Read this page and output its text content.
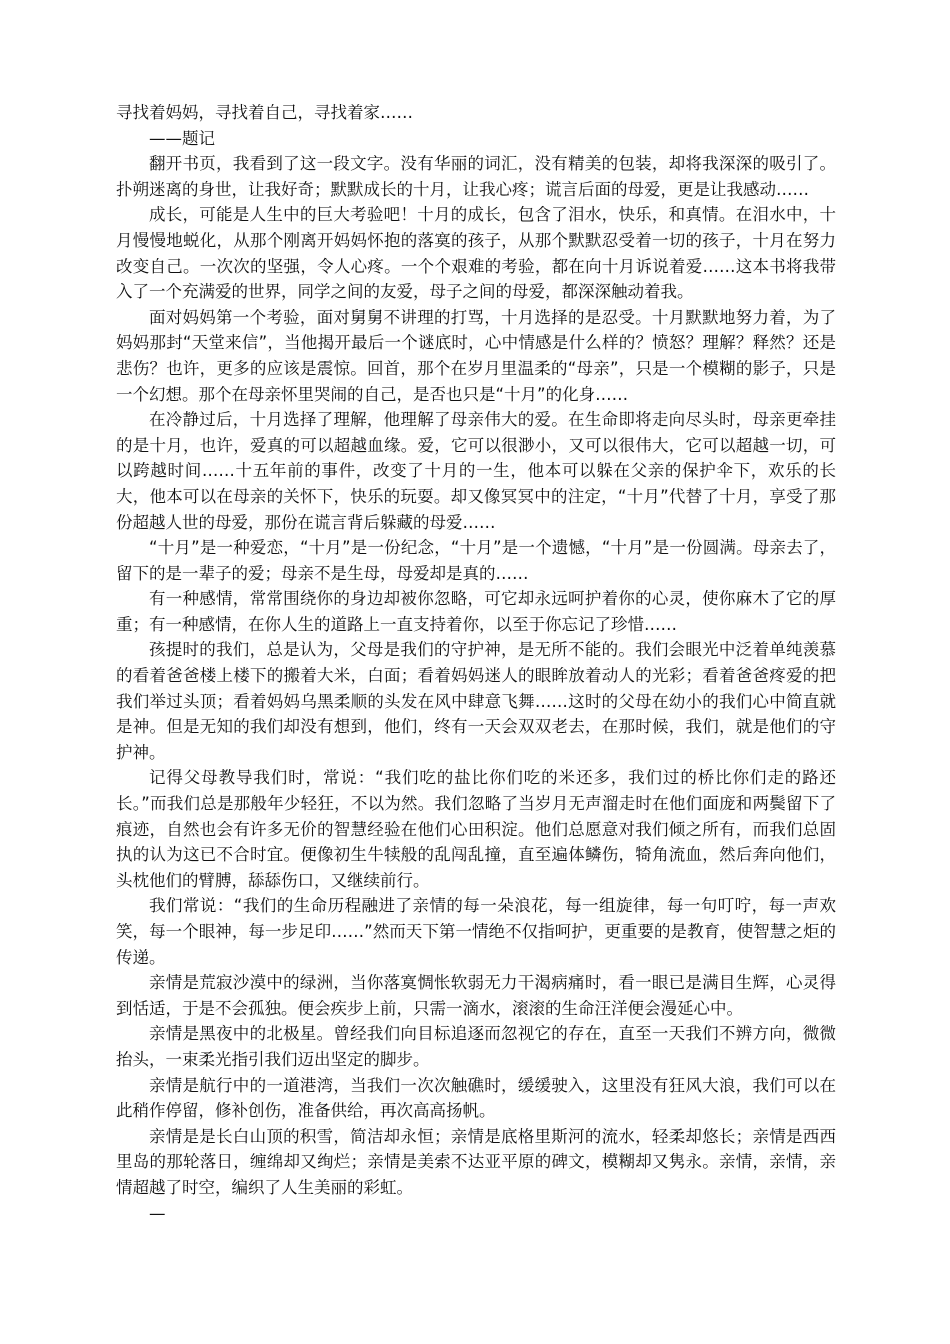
寻找着妈妈，寻找着自己，寻找着家……

——题记

翻开书页，我看到了这一段文字。没有华丽的词汇，没有精美的包装，却将我深深的吸引了。扑朔迷离的身世，让我好奇；默默成长的十月，让我心疼；谎言后面的母爱，更是让我感动……

成长，可能是人生中的巨大考验吧！十月的成长，包含了泪水，快乐，和真情。在泪水中，十月慢慢地蜕化，从那个刚离开妈妈怀抱的落寞的孩子，从那个默默忍受着一切的孩子，十月在努力改变自己。一次次的坚强，令人心疼。一个个艰难的考验，都在向十月诉说着爱……这本书将我带入了一个充满爱的世界，同学之间的友爱，母子之间的母爱，都深深触动着我。

面对妈妈第一个考验，面对舅舅不讲理的打骂，十月选择的是忍受。十月默默地努力着，为了妈妈那封“天堂来信”，当他揭开最后一个谜底时，心中情感是什么样的？愤怒？理解？释然？还是悲伤？也许，更多的应该是震惊。回首，那个在岁月里温柔的“母亲”，只是一个模糊的影子，只是一个幻想。那个在母亲怀里哭闹的自己，是否也只是“十月”的化身……

在冷静过后，十月选择了理解，他理解了母亲伟大的爱。在生命即将走向尽头时，母亲更牵挂的是十月，也许，爱真的可以超越血缘。爱，它可以很渺小，又可以很伟大，它可以超越一切，可以跨越时间……十五年前的事件，改变了十月的一生，他本可以躲在父亲的保护伞下，欢乐的长大，他本可以在母亲的关怀下，快乐的玩耍。却又像冥冥中的注定，“十月”代替了十月，享受了那份超越人世的母爱，那份在谎言背后躲藏的母爱……

“十月”是一种爱恋，“十月”是一份纪念，“十月”是一个遗憾，“十月”是一份圆满。母亲去了，留下的是一辈子的爱；母亲不是生母，母爱却是真的……

有一种感情，常常围绕你的身边却被你忽略，可它却永远呵护着你的心灵，使你麻木了它的厚重；有一种感情，在你人生的道路上一直支持着你，以至于你忘记了珍惜……

孩提时的我们，总是认为，父母是我们的守护神，是无所不能的。我们会眼光中泛着单纯羡慕的看着爸爸楼上楼下的搬着大米，白面；看着妈妈迷人的眼眸放着动人的光彩；看着爸爸疼爱的把我们举过头顶；看着妈妈乌黑柔顺的头发在风中肆意飞舞……这时的父母在幼小的我们心中简直就是神。但是无知的我们却没有想到，他们，终有一天会双双老去，在那时候，我们，就是他们的守护神。

记得父母教导我们时，常说：“我们吃的盐比你们吃的米还多，我们过的桥比你们走的路还长。”而我们总是那般年少轻狂，不以为然。我们忽略了当岁月无声溜走时在他们面庞和两鬓留下了痕迹，自然也会有许多无价的智慧经验在他们心田积淀。他们总愿意对我们倾之所有，而我们总固执的认为这已不合时宜。便像初生牛犊般的乱闯乱撞，直至遍体鳞伤，犄角流血，然后奔向他们，头枕他们的臂膊，舔舔伤口，又继续前行。

我们常说：“我们的生命历程融进了亲情的每一朵浪花，每一组旋律，每一句叮咛，每一声欢笑，每一个眼神，每一步足印……”然而天下第一情绝不仅指呵护，更重要的是教育，使智慧之炬的传递。

亲情是荒寂沙漠中的绿洲，当你落寞惆怅软弱无力干渴病痛时，看一眼已是满目生辉，心灵得到恬适，于是不会孤独。便会疾步上前，只需一滴水，滚滚的生命汪洋便会漫延心中。

亲情是黑夜中的北极星。曾经我们向目标追逐而忽视它的存在，直至一天我们不辨方向，微微抬头，一束柔光指引我们迈出坚定的脚步。

亲情是航行中的一道港湾，当我们一次次触礁时，缓缓驶入，这里没有狂风大浪，我们可以在此稍作停留，修补创伤，准备供给，再次高高扬帆。

亲情是是长白山顶的积雪，简洁却永恒；亲情是底格里斯河的流水，轻柔却悠长；亲情是西西里岛的那轮落日，缠绵却又绚烂；亲情是美索不达亚平原的碑文，模糊却又隽永。亲情，亲情，亲情超越了时空，编织了人生美丽的彩虹。

—
